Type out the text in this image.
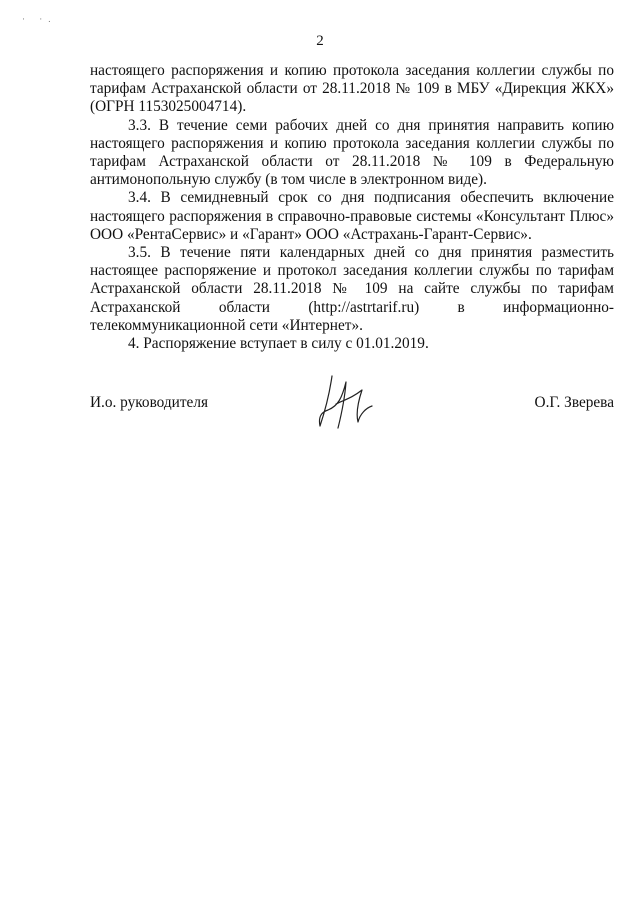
· ·.
2

настоящего распоряжения и копию протокола заседания коллегии службы по тарифам Астраханской области от 28.11.2018 № 109 в МБУ «Дирекция ЖКХ» (ОГРН 1153025004714).

3.3. В течение семи рабочих дней со дня принятия направить копию настоящего распоряжения и копию протокола заседания коллегии службы по тарифам Астраханской области от 28.11.2018 № 109 в Федеральную антимонопольную службу (в том числе в электронном виде).

3.4. В семидневный срок со дня подписания обеспечить включение настоящего распоряжения в справочно-правовые системы «Консультант Плюс» ООО «РентаСервис» и «Гарант» ООО «Астрахань-Гарант-Сервис».

3.5. В течение пяти календарных дней со дня принятия разместить настоящее распоряжение и протокол заседания коллегии службы по тарифам Астраханской области 28.11.2018 № 109 на сайте службы по тарифам Астраханской области (http://astrtarif.ru) в информационно-телекоммуникационной сети «Интернет».

4. Распоряжение вступает в силу с 01.01.2019.

И.о. руководителя	О.Г. Зверева
